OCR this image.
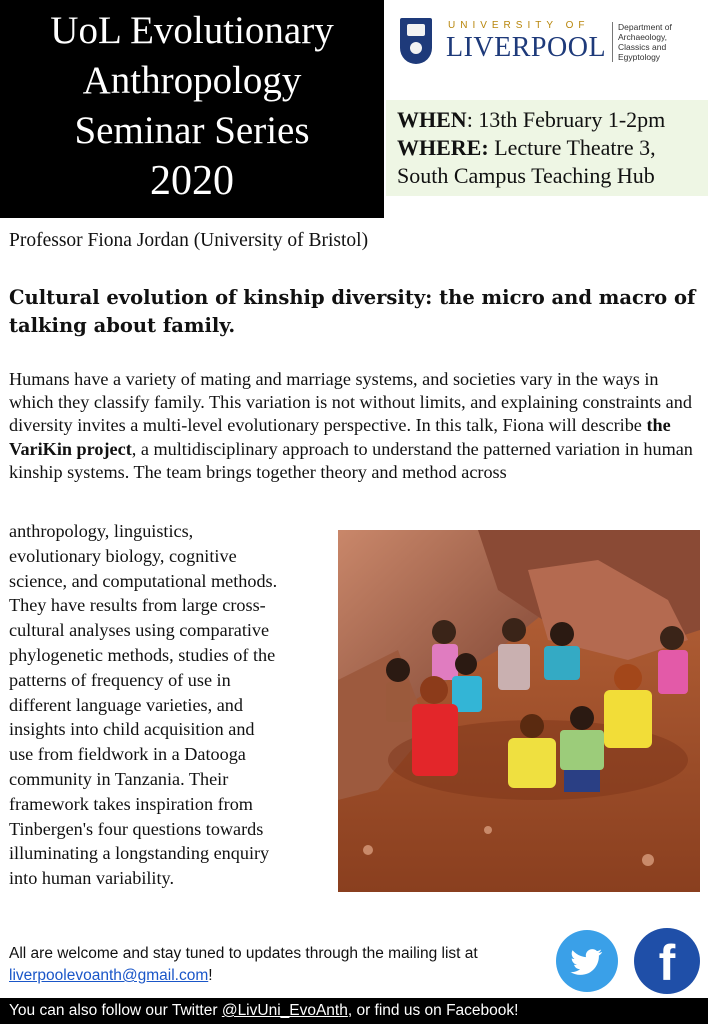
UoL Evolutionary
Anthropology
Seminar Series
2020
UNIVERSITY OF
LIVERPOOL
Department of Archaeology, Classics and Egyptology
WHEN: 13th February 1-2pm
WHERE: Lecture Theatre 3,
South Campus Teaching Hub
Professor Fiona Jordan (University of Bristol)
Cultural evolution of kinship diversity: the micro and macro of talking about family.
Humans have a variety of mating and marriage systems, and societies vary in the ways in which they classify family. This variation is not without limits, and explaining constraints and diversity invites a multi-level evolutionary perspective. In this talk, Fiona will describe the VariKin project, a multidisciplinary approach to understand the patterned variation in human kinship systems. The team brings together theory and method across
anthropology, linguistics,
evolutionary biology, cognitive
science, and computational methods.
They have results from large cross-
cultural analyses using comparative
phylogenetic methods, studies of the
patterns of frequency of use in
different language varieties, and
insights into child acquisition and
use from fieldwork in a Datooga
community in Tanzania. Their
framework takes inspiration from
Tinbergen's four questions towards
illuminating a longstanding enquiry
into human variability.
All are welcome and stay tuned to updates through the mailing list at liverpoolevoanth@gmail.com!	f
You can also follow our Twitter @LivUni_EvoAnth, or find us on Facebook!
